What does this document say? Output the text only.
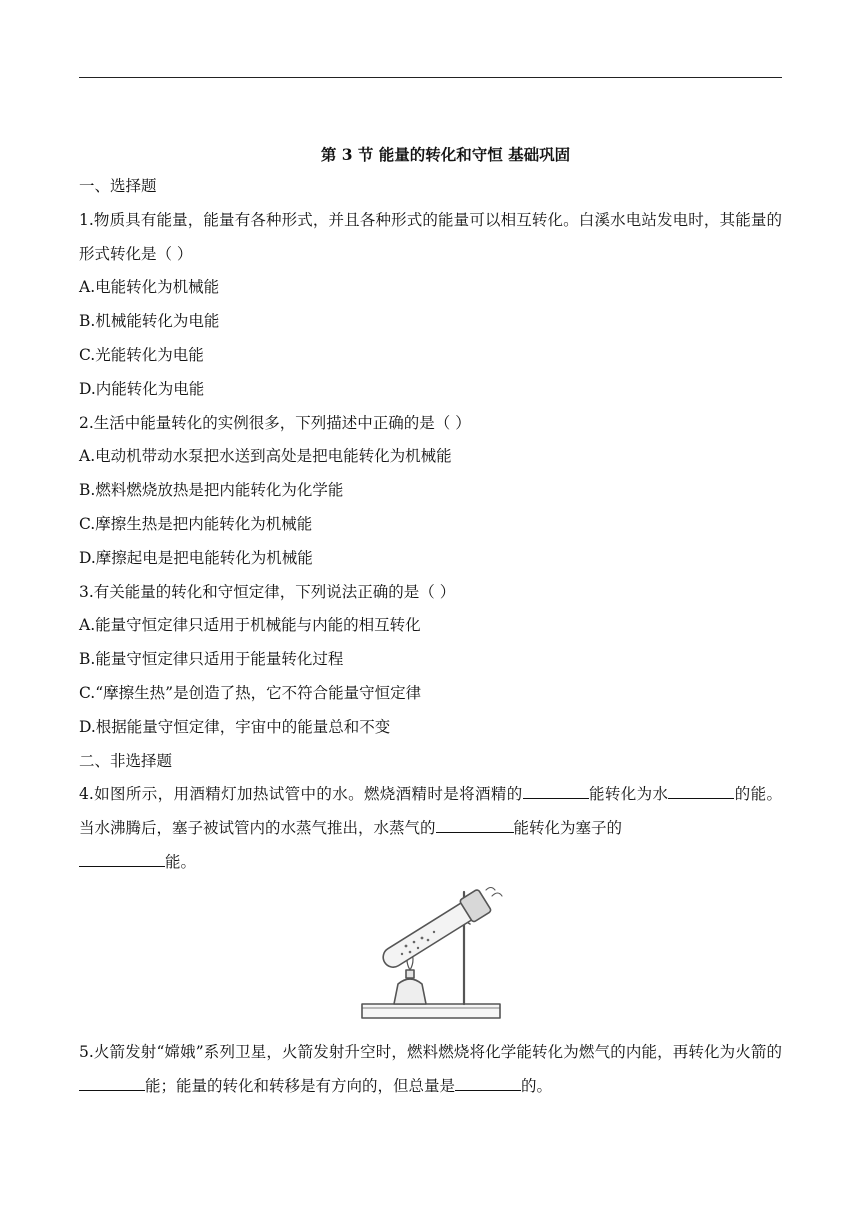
第 3 节 能量的转化和守恒 基础巩固
一、选择题
1.物质具有能量，能量有各种形式，并且各种形式的能量可以相互转化。白溪水电站发电时，其能量的形式转化是（ ）
A.电能转化为机械能
B.机械能转化为电能
C.光能转化为电能
D.内能转化为电能
2.生活中能量转化的实例很多，下列描述中正确的是（ ）
A.电动机带动水泵把水送到高处是把电能转化为机械能
B.燃料燃烧放热是把内能转化为化学能
C.摩擦生热是把内能转化为机械能
D.摩擦起电是把电能转化为机械能
3.有关能量的转化和守恒定律，下列说法正确的是（ ）
A.能量守恒定律只适用于机械能与内能的相互转化
B.能量守恒定律只适用于能量转化过程
C.“摩擦生热”是创造了热，它不符合能量守恒定律
D.根据能量守恒定律，宇宙中的能量总和不变
二、非选择题
4.如图所示，用酒精灯加热试管中的水。燃烧酒精时是将酒精的	能转化为水	的能。当水沸腾后，塞子被试管内的水蒸气推出，水蒸气的	能转化为塞子的
能。
5.火箭发射“嫦娥”系列卫星，火箭发射升空时，燃料燃烧将化学能转化为燃气的内能，再转化为火箭的能；能量的转化和转移是有方向的，但总量是	的。
